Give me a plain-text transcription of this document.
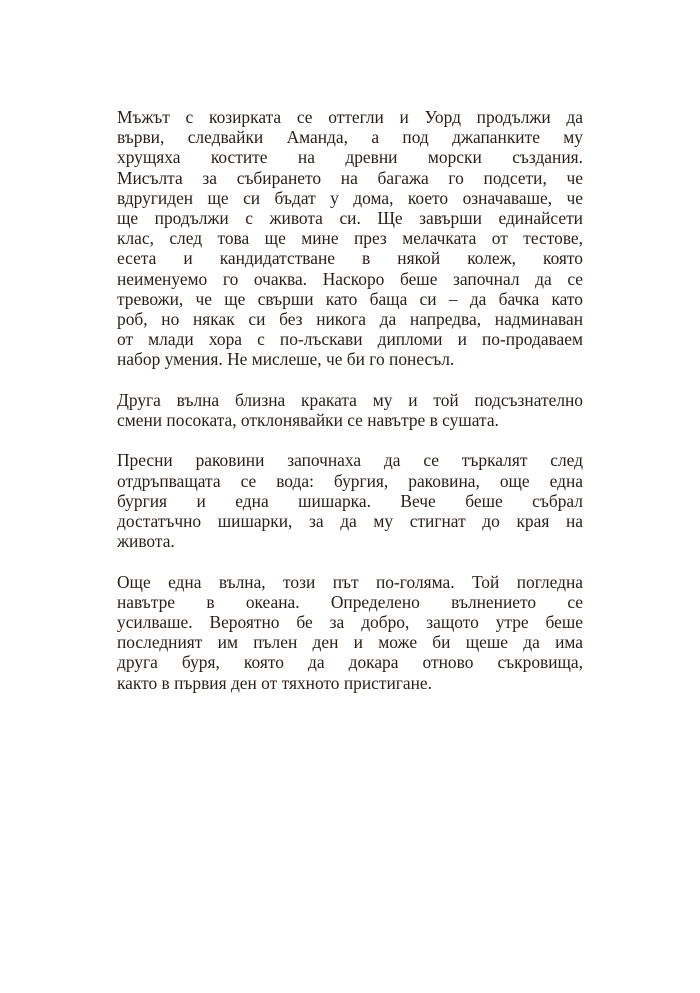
Мъжът с козирката се оттегли и Уорд продължи да
върви, следвайки Аманда, а под джапанките му
хрущяха костите на древни морски създания.
Мисълта за събирането на багажа го подсети, че
вдругиден ще си бъдат у дома, което означаваше, че
ще продължи с живота си. Ще завърши единайсети
клас, след това ще мине през мелачката от тестове,
есета и кандидатстване в някой колеж, която
неименуемо го очаква. Наскоро беше започнал да се
тревожи, че ще свърши като баща си – да бачка като
роб, но някак си без никога да напредва, надминаван
от млади хора с по-лъскави дипломи и по-продаваем
набор умения. Не мислеше, че би го понесъл.

Друга вълна близна краката му и той подсъзнателно
смени посоката, отклонявайки се навътре в сушата.

Пресни раковини започнаха да се търкалят след
отдръпващата се вода: бургия, раковина, още една
бургия и една шишарка. Вече беше събрал
достатъчно шишарки, за да му стигнат до края на
живота.

Още една вълна, този път по-голяма. Той погледна
навътре в океана. Определено вълнението се
усилваше. Вероятно бе за добро, защото утре беше
последният им пълен ден и може би щеше да има
друга буря, която да докара отново съкровища,
както в първия ден от тяхното пристигане.
